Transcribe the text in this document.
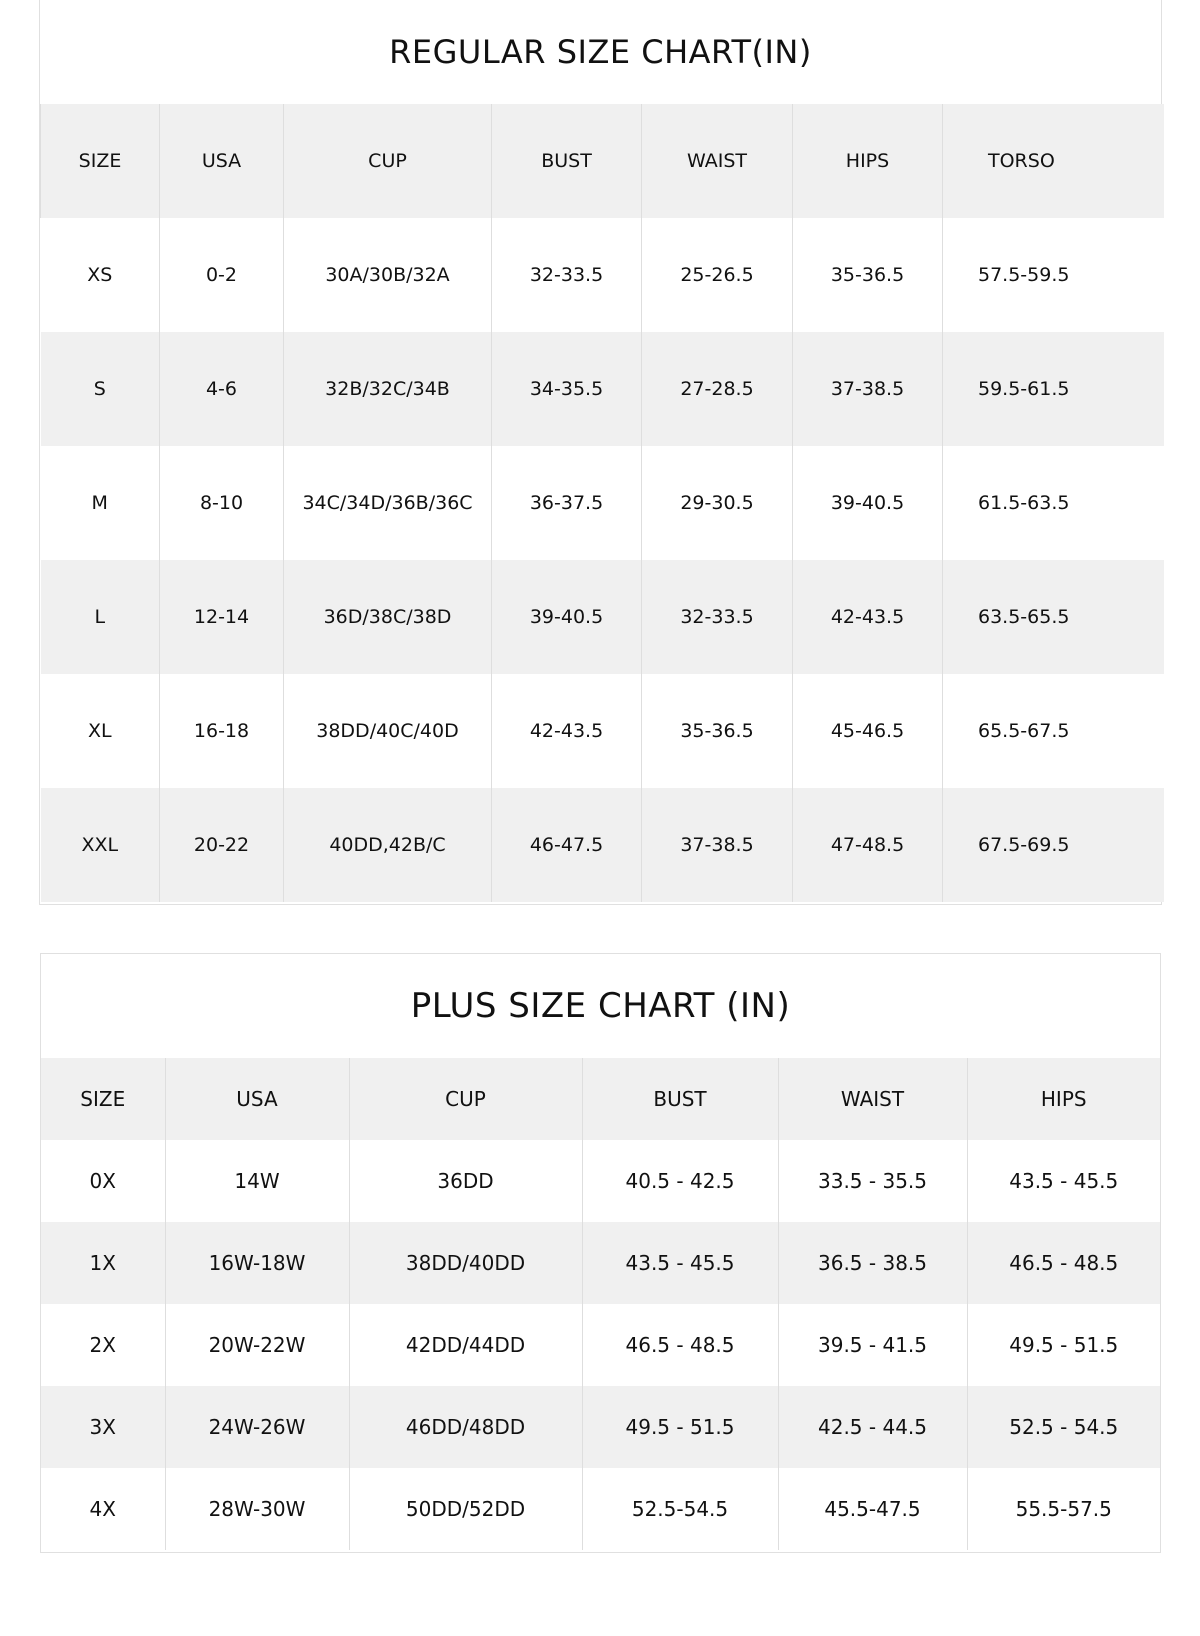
REGULAR SIZE CHART(IN)
SIZE	USA	CUP	BUST	WAIST	HIPS	TORSO
XS	0-2	30A/30B/32A	32-33.5	25-26.5	35-36.5	57.5-59.5
S	4-6	32B/32C/34B	34-35.5	27-28.5	37-38.5	59.5-61.5
M	8-10	34C/34D/36B/36C	36-37.5	29-30.5	39-40.5	61.5-63.5
L	12-14	36D/38C/38D	39-40.5	32-33.5	42-43.5	63.5-65.5
XL	16-18	38DD/40C/40D	42-43.5	35-36.5	45-46.5	65.5-67.5
XXL	20-22	40DD,42B/C	46-47.5	37-38.5	47-48.5	67.5-69.5
PLUS SIZE CHART (IN)
SIZE	USA	CUP	BUST	WAIST	HIPS
0X	14W	36DD	40.5 - 42.5	33.5 - 35.5	43.5 - 45.5
1X	16W-18W	38DD/40DD	43.5 - 45.5	36.5 - 38.5	46.5 - 48.5
2X	20W-22W	42DD/44DD	46.5 - 48.5	39.5 - 41.5	49.5 - 51.5
3X	24W-26W	46DD/48DD	49.5 - 51.5	42.5 - 44.5	52.5 - 54.5
4X	28W-30W	50DD/52DD	52.5-54.5	45.5-47.5	55.5-57.5
